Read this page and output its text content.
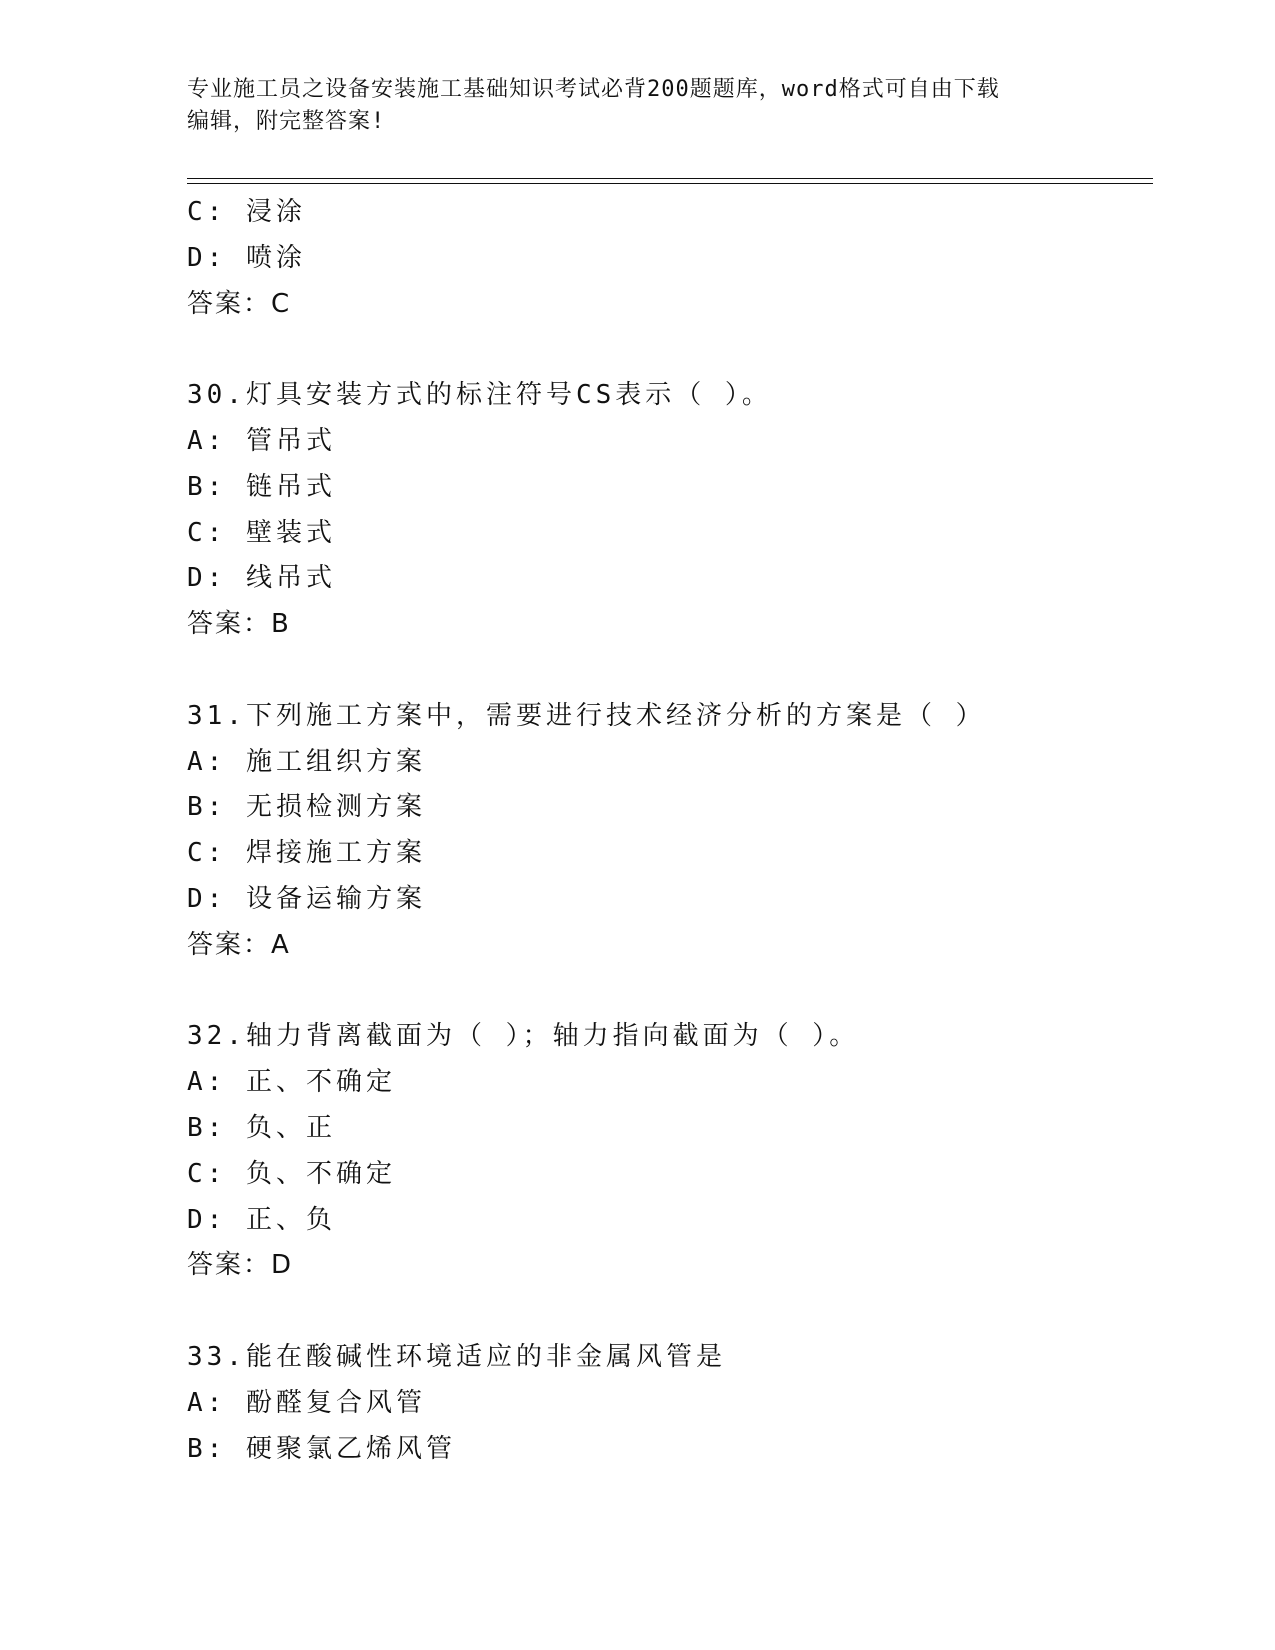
专业施工员之设备安装施工基础知识考试必背200题题库，word格式可自由下载
编辑，附完整答案!
C: 浸涂
D: 喷涂
答案：C
30.灯具安装方式的标注符号CS表示（ ）。
A: 管吊式
B: 链吊式
C: 壁装式
D: 线吊式
答案：B
31.下列施工方案中，需要进行技术经济分析的方案是（ ）
A: 施工组织方案
B: 无损检测方案
C: 焊接施工方案
D: 设备运输方案
答案：A
32.轴力背离截面为（ ）；轴力指向截面为（ ）。
A: 正、不确定
B: 负、正
C: 负、不确定
D: 正、负
答案：D
33.能在酸碱性环境适应的非金属风管是
A: 酚醛复合风管
B: 硬聚氯乙烯风管
